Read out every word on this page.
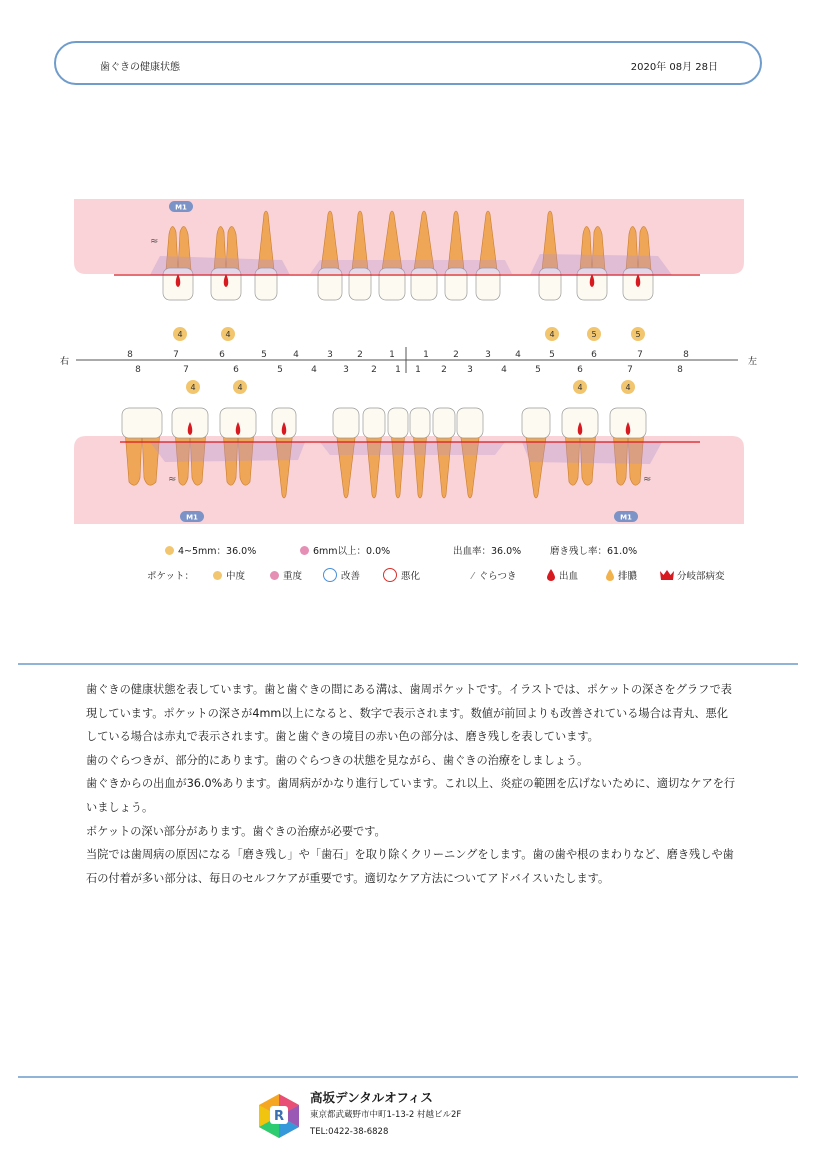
歯ぐきの健康状態	2020年 08月 28日
≈
≈	≈
M1
M1	M1
右	左
8	7	6	5	4	3	2	1	1	2	3	4	5	6	7	8
8	7	6	5	4	3 2 1 1 2 3	4	5	6	7	8
4	4	4	5	5
4	4	4	4
4~5mm：36.0%	6mm以上：0.0%	出血率：36.0%	磨き残し率：61.0%
ポケット：	中度	重度	改善	悪化	⁄ ぐらつき	出血	排膿	分岐部病変

歯ぐきの健康状態を表しています。歯と歯ぐきの間にある溝は、歯周ポケットです。イラストでは、ポケットの深さをグラフで表現しています。ポケットの深さが4mm以上になると、数字で表示されます。数値が前回よりも改善されている場合は青丸、悪化している場合は赤丸で表示されます。歯と歯ぐきの境目の赤い色の部分は、磨き残しを表しています。

歯のぐらつきが、部分的にあります。歯のぐらつきの状態を見ながら、歯ぐきの治療をしましょう。

歯ぐきからの出血が36.0%あります。歯周病がかなり進行しています。これ以上、炎症の範囲を広げないために、適切なケアを行いましょう。

ポケットの深い部分があります。歯ぐきの治療が必要です。

当院では歯周病の原因になる「磨き残し」や「歯石」を取り除くクリーニングをします。歯の歯や根のまわりなど、磨き残しや歯石の付着が多い部分は、毎日のセルフケアが重要です。適切なケア方法についてアドバイスいたします。

R
高坂デンタルオフィス
東京都武蔵野市中町1-13-2 村越ビル2F
TEL:0422-38-6828
